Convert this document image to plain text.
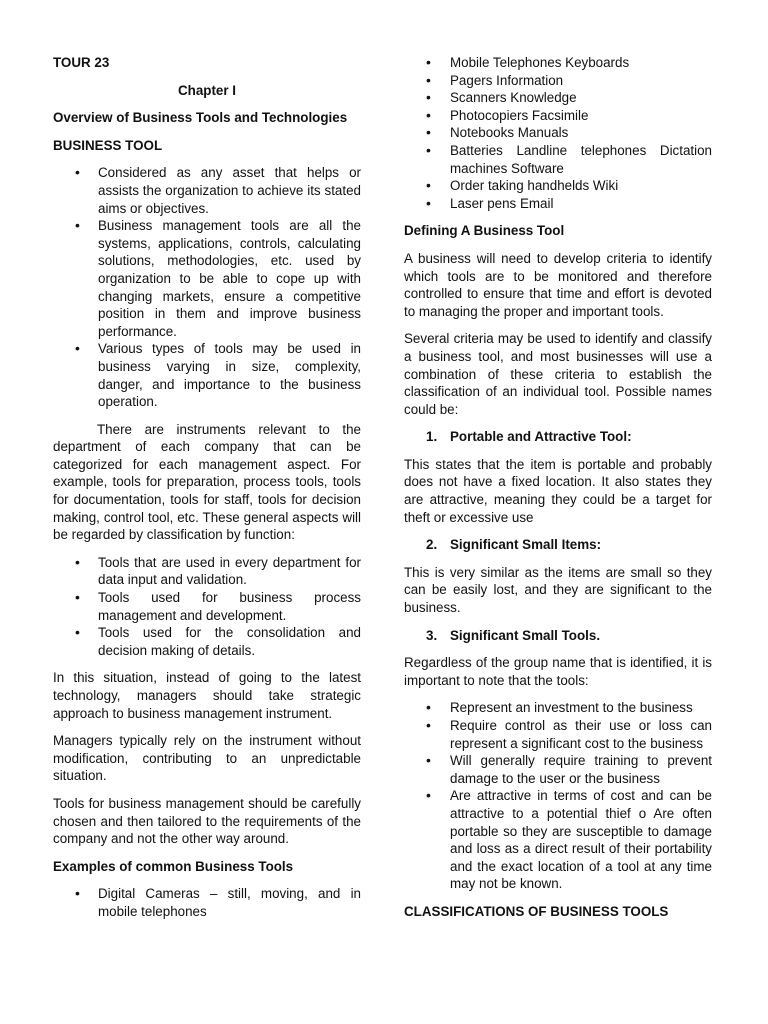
TOUR 23

Chapter I

Overview of Business Tools and Technologies

BUSINESS TOOL

• Considered as any asset that helps or assists the organization to achieve its stated aims or objectives.
• Business management tools are all the systems, applications, controls, calculating solutions, methodologies, etc. used by organization to be able to cope up with changing markets, ensure a competitive position in them and improve business performance.
• Various types of tools may be used in business varying in size, complexity, danger, and importance to the business operation.

There are instruments relevant to the department of each company that can be categorized for each management aspect. For example, tools for preparation, process tools, tools for documentation, tools for staff, tools for decision making, control tool, etc. These general aspects will be regarded by classification by function:

• Tools that are used in every department for data input and validation.
• Tools used for business process management and development.
• Tools used for the consolidation and decision making of details.

In this situation, instead of going to the latest technology, managers should take strategic approach to business management instrument.

Managers typically rely on the instrument without modification, contributing to an unpredictable situation.

Tools for business management should be carefully chosen and then tailored to the requirements of the company and not the other way around.

Examples of common Business Tools

• Digital Cameras – still, moving, and in mobile telephones
• Mobile Telephones Keyboards
• Pagers Information
• Scanners Knowledge
• Photocopiers Facsimile
• Notebooks Manuals
• Batteries Landline telephones Dictation machines Software
• Order taking handhelds Wiki
• Laser pens Email

Defining A Business Tool

A business will need to develop criteria to identify which tools are to be monitored and therefore controlled to ensure that time and effort is devoted to managing the proper and important tools.

Several criteria may be used to identify and classify a business tool, and most businesses will use a combination of these criteria to establish the classification of an individual tool. Possible names could be:

1. Portable and Attractive Tool:

This states that the item is portable and probably does not have a fixed location. It also states they are attractive, meaning they could be a target for theft or excessive use

2. Significant Small Items:

This is very similar as the items are small so they can be easily lost, and they are significant to the business.

3. Significant Small Tools.

Regardless of the group name that is identified, it is important to note that the tools:

• Represent an investment to the business
• Require control as their use or loss can represent a significant cost to the business
• Will generally require training to prevent damage to the user or the business
• Are attractive in terms of cost and can be attractive to a potential thief o Are often portable so they are susceptible to damage and loss as a direct result of their portability and the exact location of a tool at any time may not be known.

CLASSIFICATIONS OF BUSINESS TOOLS
